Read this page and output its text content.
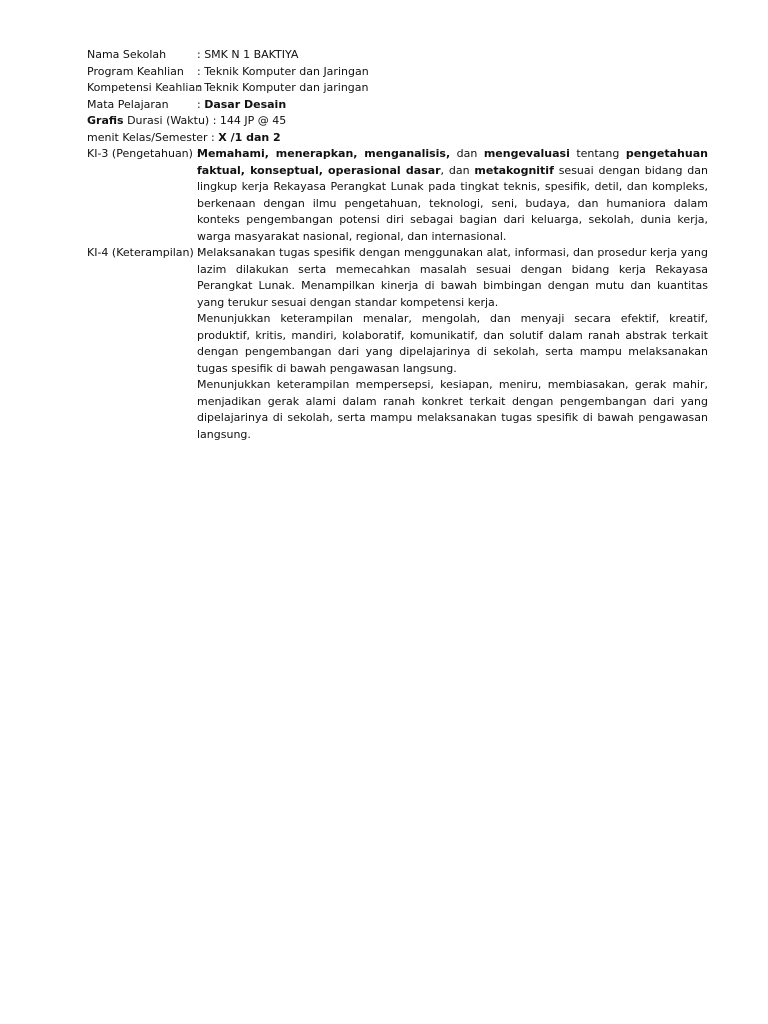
Nama Sekolah	: SMK N 1 BAKTIYA
Program Keahlian : Teknik Komputer dan Jaringan
Kompetensi Keahlian: Teknik Komputer dan jaringan
Mata Pelajaran	: Dasar Desain
Grafis Durasi (Waktu) : 144 JP @ 45
menit Kelas/Semester : X /1 dan 2
KI-3 (Pengetahuan) :
Memahami, menerapkan, menganalisis, dan mengevaluasi tentang pengetahuan faktual, konseptual, operasional dasar, dan metakognitif sesuai dengan bidang dan lingkup kerja Rekayasa Perangkat Lunak pada tingkat teknis, spesifik, detil, dan kompleks, berkenaan dengan ilmu pengetahuan, teknologi, seni, budaya, dan humaniora dalam konteks pengembangan potensi diri sebagai bagian dari keluarga, sekolah, dunia kerja, warga masyarakat nasional, regional, dan internasional.
KI-4 (Keterampilan) :

Melaksanakan tugas spesifik dengan menggunakan alat, informasi, dan prosedur kerja yang lazim dilakukan serta memecahkan masalah sesuai dengan bidang kerja Rekayasa Perangkat Lunak. Menampilkan kinerja di bawah bimbingan dengan mutu dan kuantitas yang terukur sesuai dengan standar kompetensi kerja.

Menunjukkan keterampilan menalar, mengolah, dan menyaji secara efektif, kreatif, produktif, kritis, mandiri, kolaboratif, komunikatif, dan solutif dalam ranah abstrak terkait dengan pengembangan dari yang dipelajarinya di sekolah, serta mampu melaksanakan tugas spesifik di bawah pengawasan langsung.

Menunjukkan keterampilan mempersepsi, kesiapan, meniru, membiasakan, gerak mahir, menjadikan gerak alami dalam ranah konkret terkait dengan pengembangan dari yang dipelajarinya di sekolah, serta mampu melaksanakan tugas spesifik di bawah pengawasan langsung.
